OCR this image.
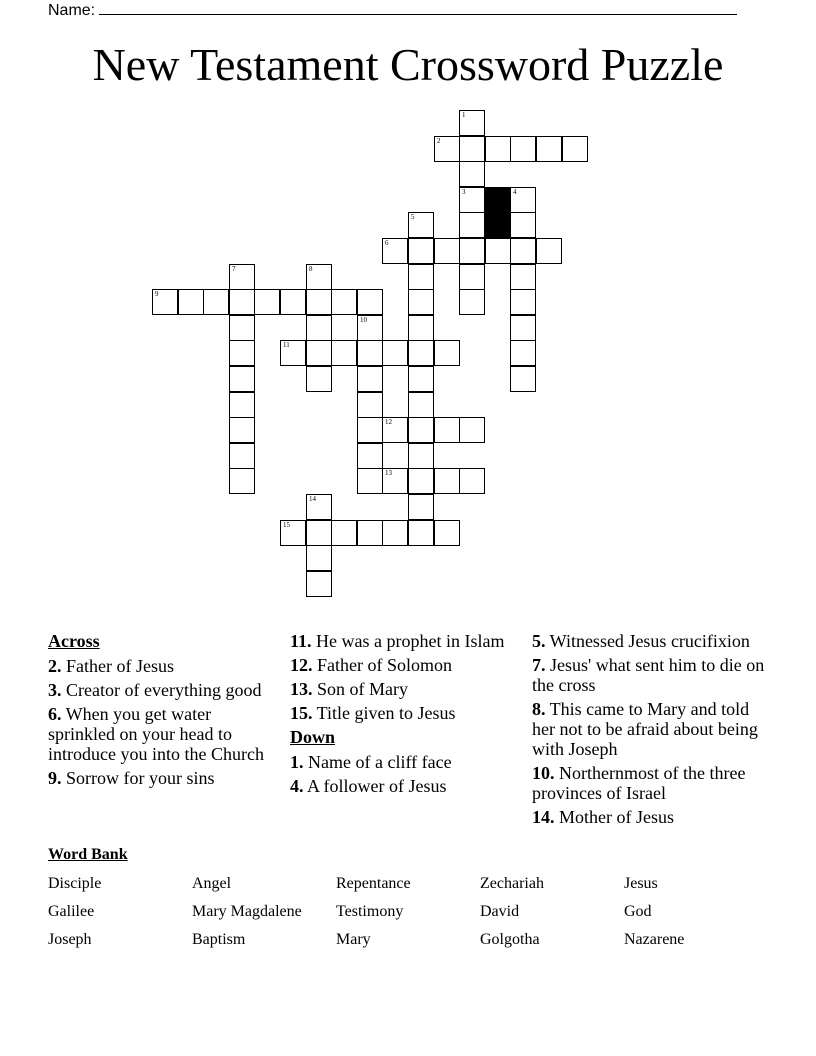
Name:
New Testament Crossword Puzzle
1
2
3	4
5
6
7	8
9
10
11
12
13
14
15
Across
2. Father of Jesus
3. Creator of everything good
6. When you get water sprinkled on your head to introduce you into the Church
9. Sorrow for your sins
11. He was a prophet in Islam
12. Father of Solomon
13. Son of Mary
15. Title given to Jesus
Down
1. Name of a cliff face
4. A follower of Jesus
5. Witnessed Jesus crucifixion
7. Jesus' what sent him to die on the cross
8. This came to Mary and told her not to be afraid about being with Joseph
10. Northernmost of the three provinces of Israel
14. Mother of Jesus
Word Bank
Disciple	Angel	Repentance	Zechariah	Jesus
Galilee	Mary Magdalene	Testimony	David	God
Joseph	Baptism	Mary	Golgotha	Nazarene
